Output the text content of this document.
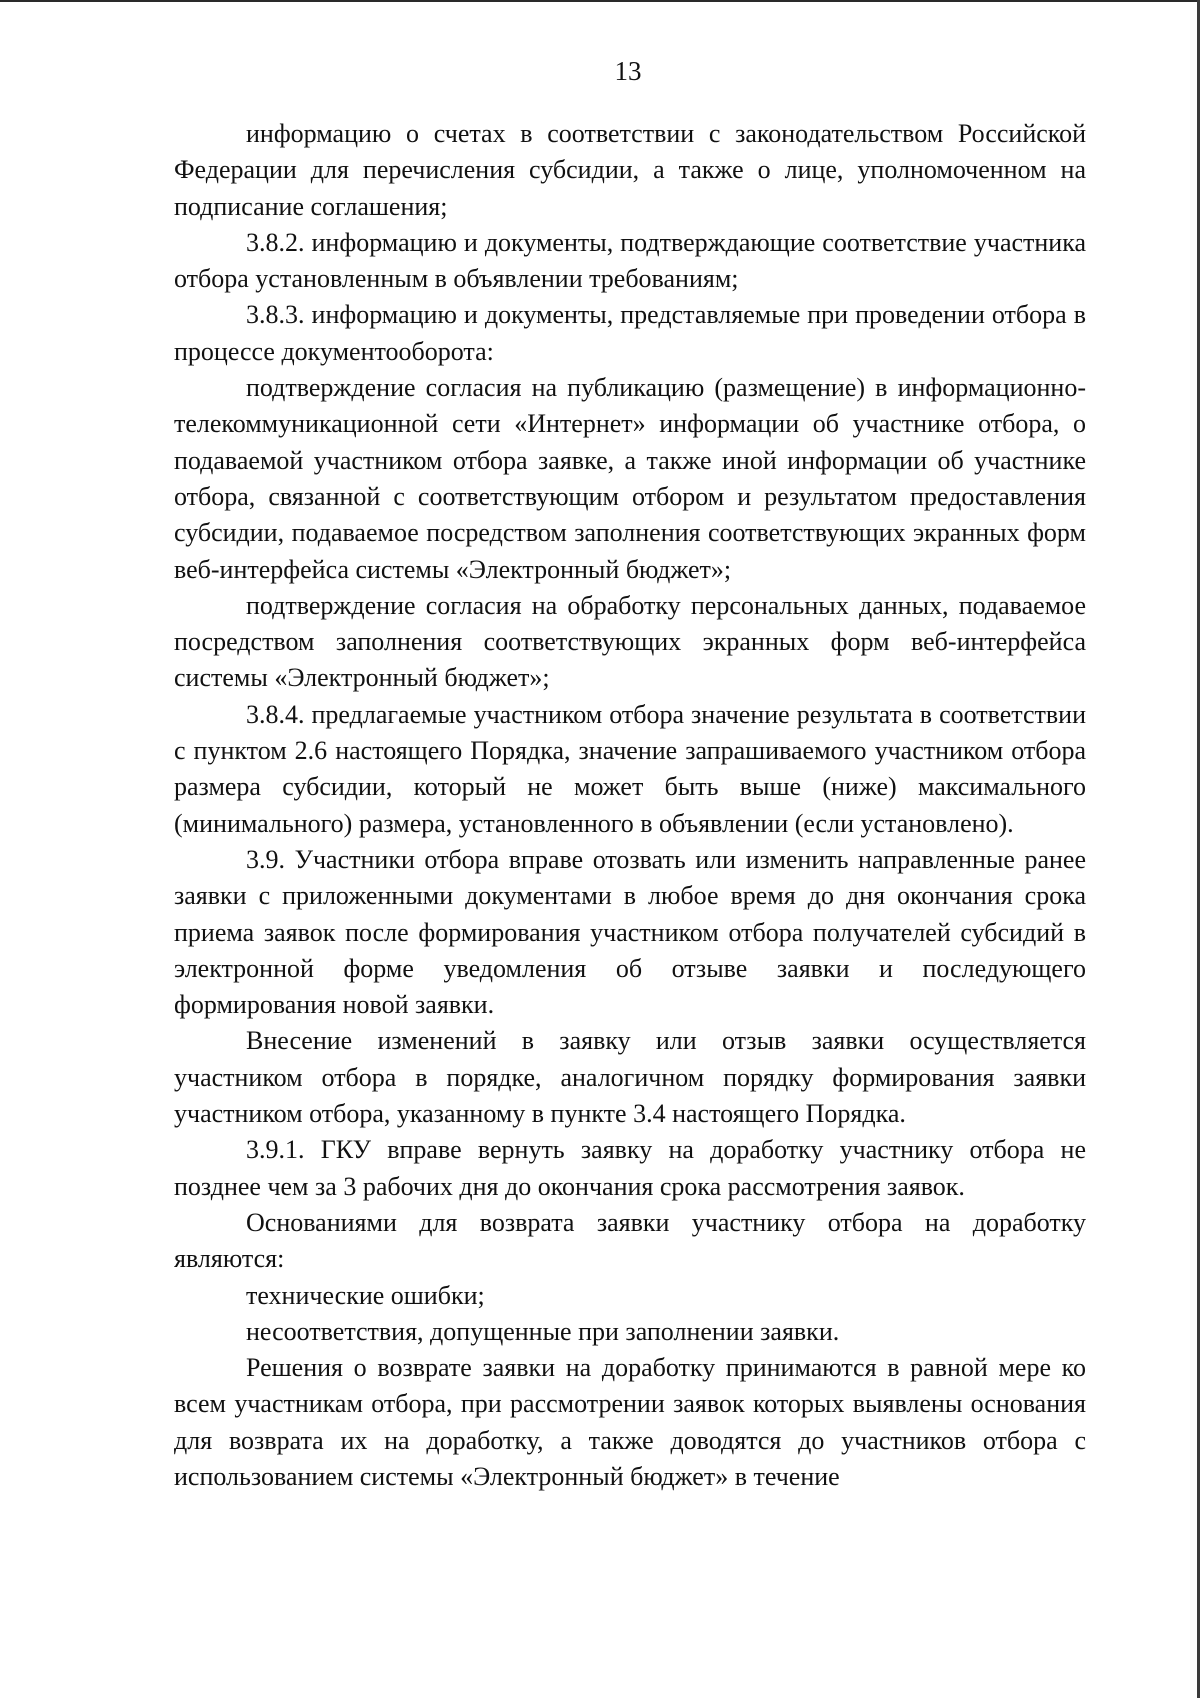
13

информацию о счетах в соответствии с законодательством Российской Федерации для перечисления субсидии, а также о лице, уполномоченном на подписание соглашения;

3.8.2. информацию и документы, подтверждающие соответствие участника отбора установленным в объявлении требованиям;

3.8.3. информацию и документы, представляемые при проведении отбора в процессе документооборота:

подтверждение согласия на публикацию (размещение) в информационно-телекоммуникационной сети «Интернет» информации об участнике отбора, о подаваемой участником отбора заявке, а также иной информации об участнике отбора, связанной с соответствующим отбором и результатом предоставления субсидии, подаваемое посредством заполнения соответствующих экранных форм веб-интерфейса системы «Электронный бюджет»;

подтверждение согласия на обработку персональных данных, подаваемое посредством заполнения соответствующих экранных форм веб-интерфейса системы «Электронный бюджет»;

3.8.4. предлагаемые участником отбора значение результата в соответствии с пунктом 2.6 настоящего Порядка, значение запрашиваемого участником отбора размера субсидии, который не может быть выше (ниже) максимального (минимального) размера, установленного в объявлении (если установлено).

3.9. Участники отбора вправе отозвать или изменить направленные ранее заявки с приложенными документами в любое время до дня окончания срока приема заявок после формирования участником отбора получателей субсидий в электронной форме уведомления об отзыве заявки и последующего формирования новой заявки.

Внесение изменений в заявку или отзыв заявки осуществляется участником отбора в порядке, аналогичном порядку формирования заявки участником отбора, указанному в пункте 3.4 настоящего Порядка.

3.9.1. ГКУ вправе вернуть заявку на доработку участнику отбора не позднее чем за 3 рабочих дня до окончания срока рассмотрения заявок.

Основаниями для возврата заявки участнику отбора на доработку являются:

технические ошибки;

несоответствия, допущенные при заполнении заявки.

Решения о возврате заявки на доработку принимаются в равной мере ко всем участникам отбора, при рассмотрении заявок которых выявлены основания для возврата их на доработку, а также доводятся до участников отбора с использованием системы «Электронный бюджет» в течение
